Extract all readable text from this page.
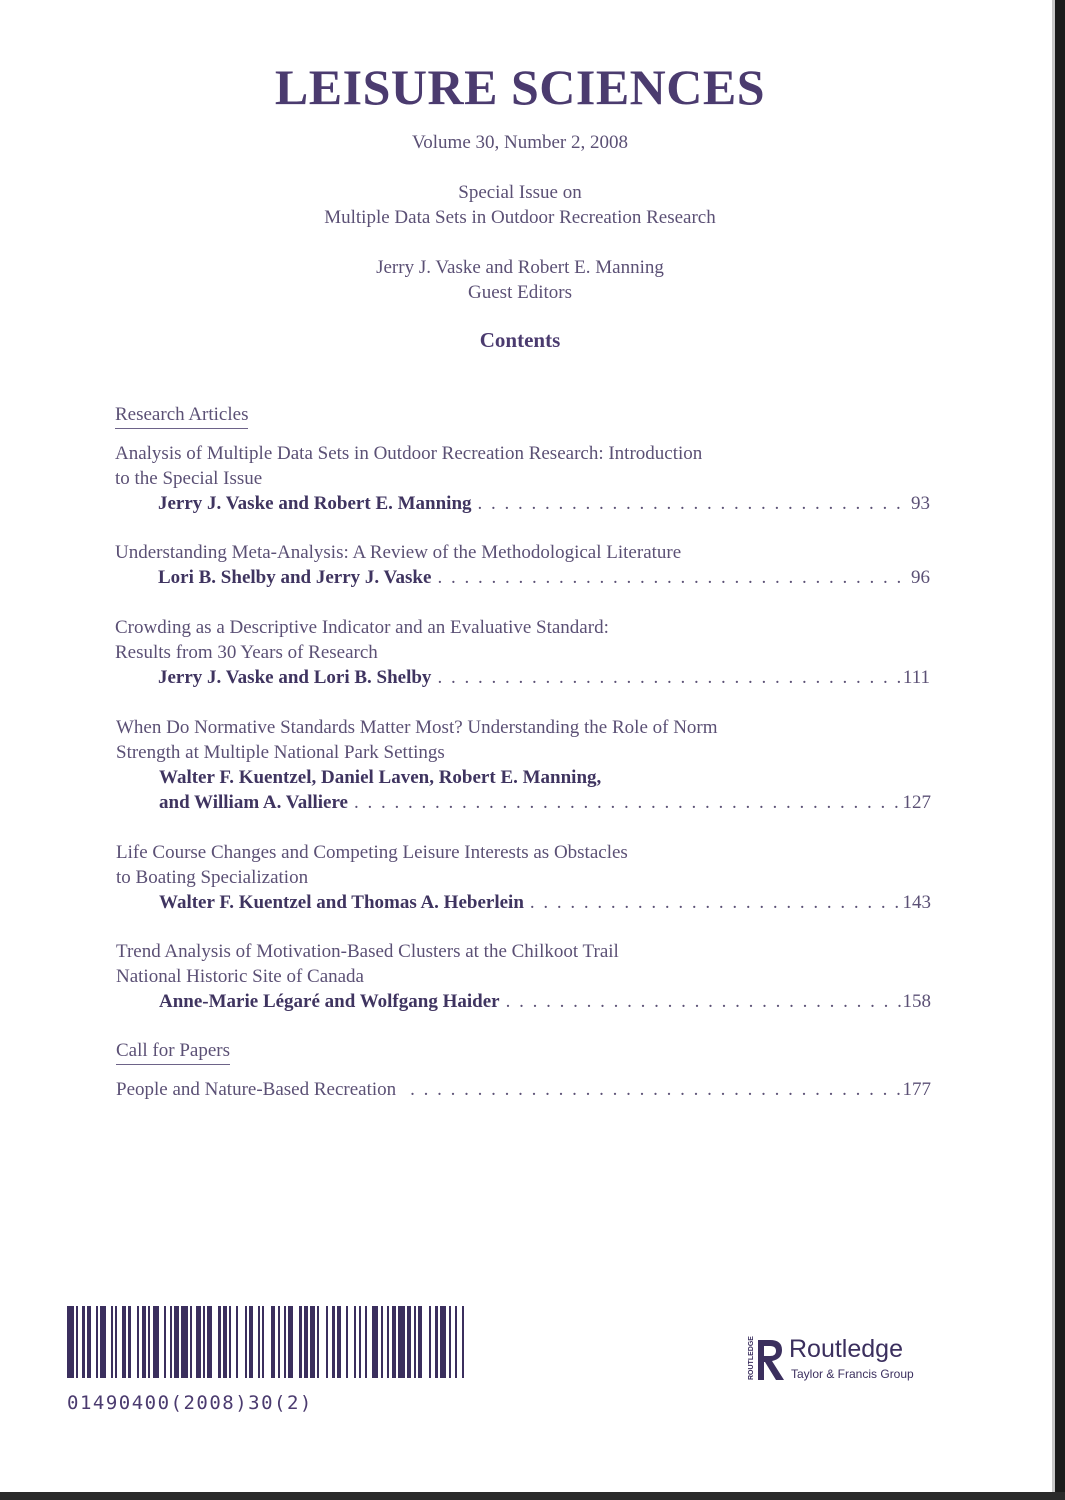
LEISURE SCIENCES
Volume 30, Number 2, 2008
Special Issue on
Multiple Data Sets in Outdoor Recreation Research
Jerry J. Vaske and Robert E. Manning
Guest Editors
Contents
Research Articles
Analysis of Multiple Data Sets in Outdoor Recreation Research: Introduction
to the Special Issue
Jerry J. Vaske and Robert E. Manning . . .	93
Understanding Meta-Analysis: A Review of the Methodological Literature
Lori B. Shelby and Jerry J. Vaske . . .	96
Crowding as a Descriptive Indicator and an Evaluative Standard:
Results from 30 Years of Research
Jerry J. Vaske and Lori B. Shelby . . .	111
When Do Normative Standards Matter Most? Understanding the Role of Norm
Strength at Multiple National Park Settings
Walter F. Kuentzel, Daniel Laven, Robert E. Manning,
and William A. Valliere . . .	127
Life Course Changes and Competing Leisure Interests as Obstacles
to Boating Specialization
Walter F. Kuentzel and Thomas A. Heberlein . . .	143
Trend Analysis of Motivation-Based Clusters at the Chilkoot Trail
National Historic Site of Canada
Anne-Marie Légaré and Wolfgang Haider . . .	158
Call for Papers
People and Nature-Based Recreation . . .	177
01490400(2008)30(2)
ROUTLEDGE Routledge
Taylor & Francis Group
